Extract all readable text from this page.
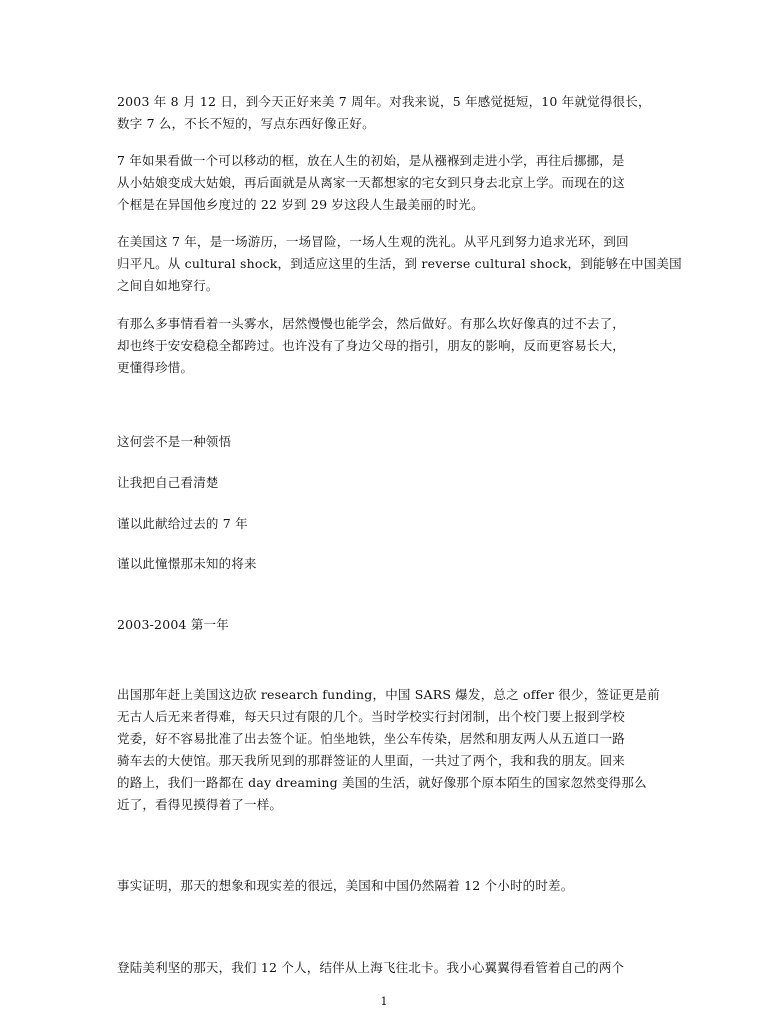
2003 年 8 月 12 日，到今天正好来美 7 周年。对我来说，5 年感觉挺短，10 年就觉得很长，
数字 7 么，不长不短的，写点东西好像正好。

7 年如果看做一个可以移动的框，放在人生的初始，是从襁褓到走进小学，再往后挪挪，是
从小姑娘变成大姑娘，再后面就是从离家一天都想家的宅女到只身去北京上学。而现在的这
个框是在异国他乡度过的 22 岁到 29 岁这段人生最美丽的时光。

在美国这 7 年，是一场游历，一场冒险，一场人生观的洗礼。从平凡到努力追求光环，到回
归平凡。从 cultural shock，到适应这里的生活，到 reverse cultural shock，到能够在中国美国
之间自如地穿行。

有那么多事情看着一头雾水，居然慢慢也能学会，然后做好。有那么坎好像真的过不去了，
却也终于安安稳稳全都跨过。也许没有了身边父母的指引，朋友的影响，反而更容易长大，
更懂得珍惜。

这何尝不是一种领悟

让我把自己看清楚

谨以此献给过去的 7 年

谨以此憧憬那未知的将来

2003-2004 第一年

出国那年赶上美国这边砍 research funding，中国 SARS 爆发，总之 offer 很少，签证更是前
无古人后无来者得难，每天只过有限的几个。当时学校实行封闭制，出个校门要上报到学校
党委，好不容易批准了出去签个证。怕坐地铁，坐公车传染，居然和朋友两人从五道口一路
骑车去的大使馆。那天我所见到的那群签证的人里面，一共过了两个，我和我的朋友。回来
的路上，我们一路都在 day dreaming 美国的生活，就好像那个原本陌生的国家忽然变得那么
近了，看得见摸得着了一样。

事实证明，那天的想象和现实差的很远，美国和中国仍然隔着 12 个小时的时差。

登陆美利坚的那天，我们 12 个人，结伴从上海飞往北卡。我小心翼翼得看管着自己的两个

1
